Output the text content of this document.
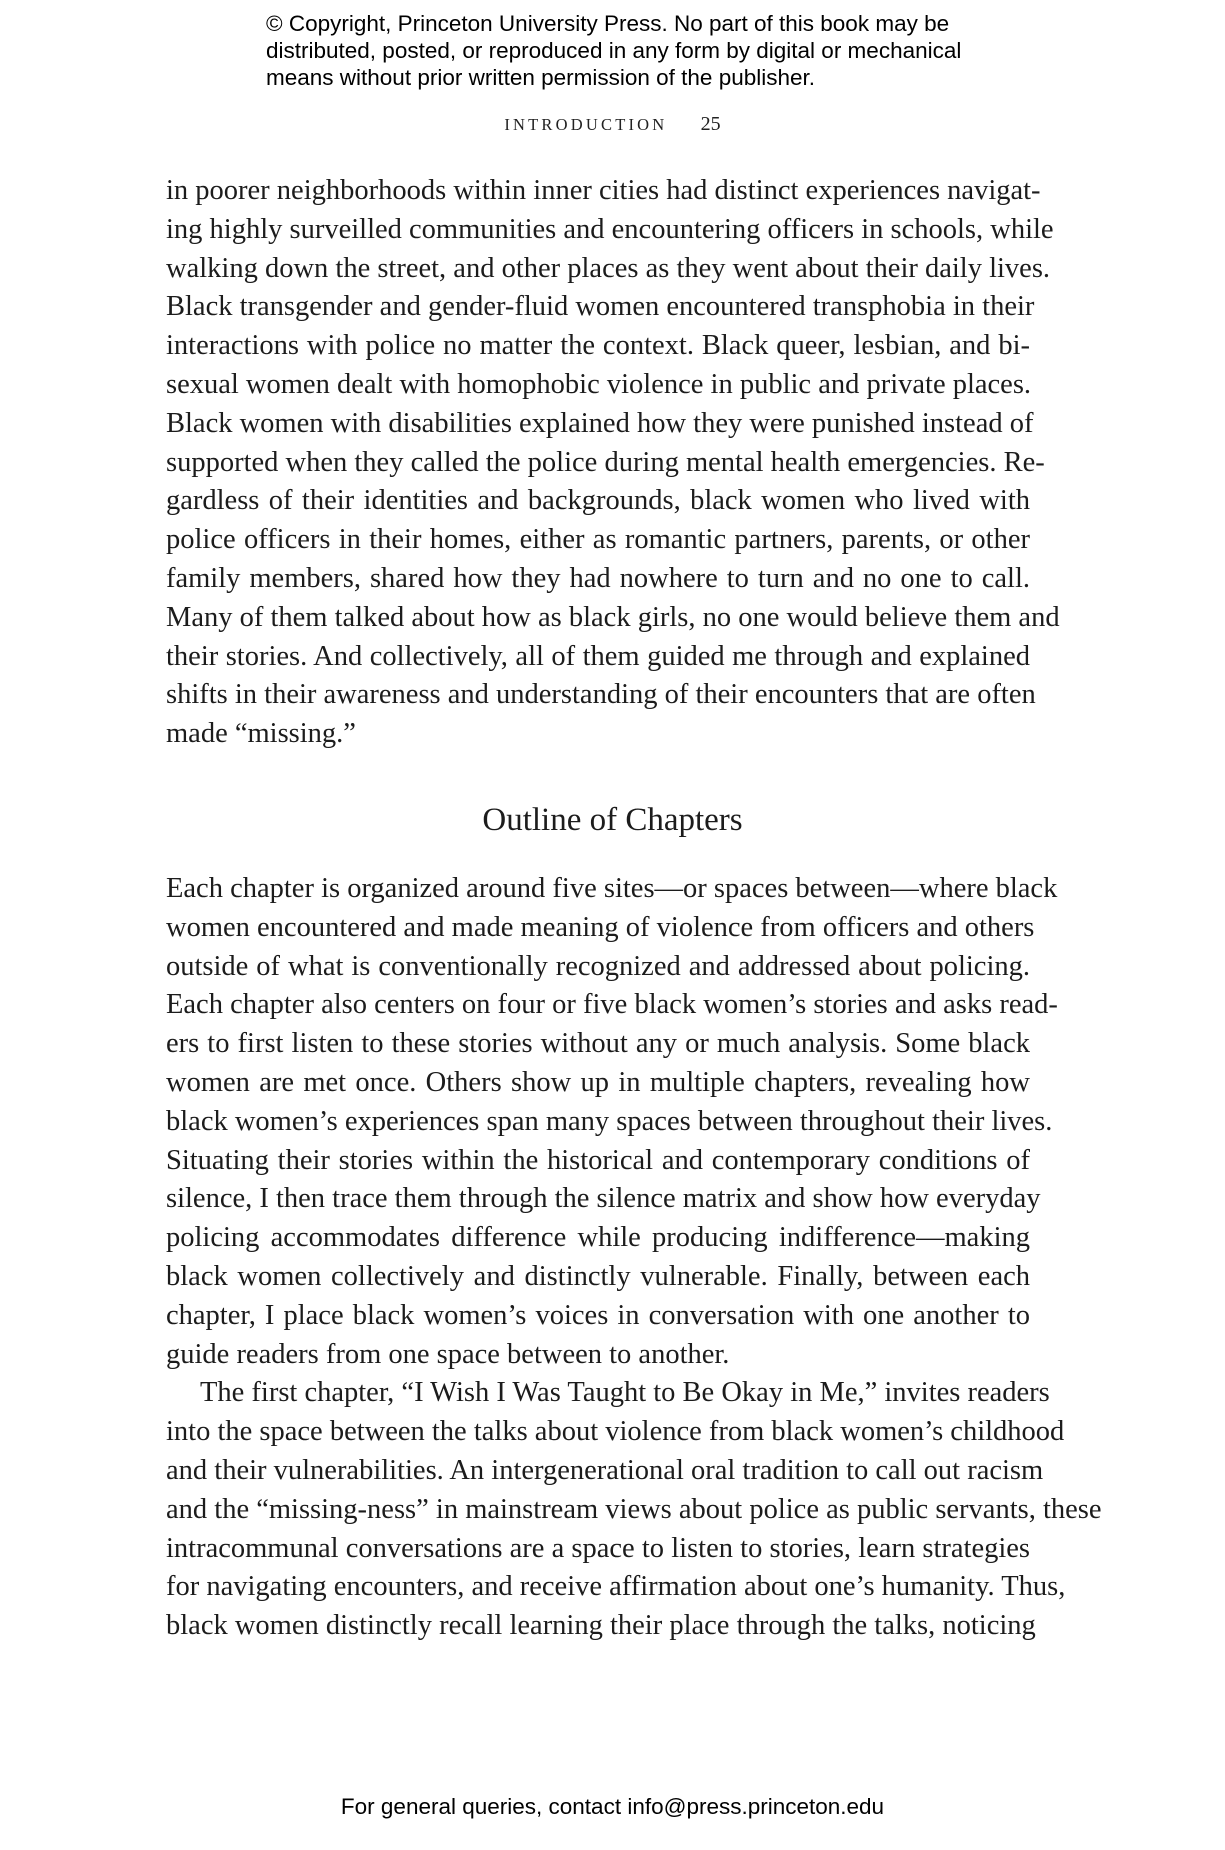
© Copyright, Princeton University Press. No part of this book may be
distributed, posted, or reproduced in any form by digital or mechanical
means without prior written permission of the publisher.
INTRODUCTION 25
in poorer neighborhoods within inner cities had distinct experiences navigat-
ing highly surveilled communities and encountering officers in schools, while
walking down the street, and other places as they went about their daily lives.
Black transgender and gender-fluid women encountered transphobia in their
interactions with police no matter the context. Black queer, lesbian, and bi-
sexual women dealt with homophobic violence in public and private places.
Black women with disabilities explained how they were punished instead of
supported when they called the police during mental health emergencies. Re-
gardless of their identities and backgrounds, black women who lived with
police officers in their homes, either as romantic partners, parents, or other
family members, shared how they had nowhere to turn and no one to call.
Many of them talked about how as black girls, no one would believe them and
their stories. And collectively, all of them guided me through and explained
shifts in their awareness and understanding of their encounters that are often
made “missing.”
Outline of Chapters
Each chapter is organized around five sites—or spaces between—where black
women encountered and made meaning of violence from officers and others
outside of what is conventionally recognized and addressed about policing.
Each chapter also centers on four or five black women’s stories and asks read-
ers to first listen to these stories without any or much analysis. Some black
women are met once. Others show up in multiple chapters, revealing how
black women’s experiences span many spaces between throughout their lives.
Situating their stories within the historical and contemporary conditions of
silence, I then trace them through the silence matrix and show how everyday
policing accommodates difference while producing indifference—making
black women collectively and distinctly vulnerable. Finally, between each
chapter, I place black women’s voices in conversation with one another to
guide readers from one space between to another.
The first chapter, “I Wish I Was Taught to Be Okay in Me,” invites readers
into the space between the talks about violence from black women’s childhood
and their vulnerabilities. An intergenerational oral tradition to call out racism
and the “missing-ness” in mainstream views about police as public servants, these
intracommunal conversations are a space to listen to stories, learn strategies
for navigating encounters, and receive affirmation about one’s humanity. Thus,
black women distinctly recall learning their place through the talks, noticing
For general queries, contact info@press.princeton.edu
